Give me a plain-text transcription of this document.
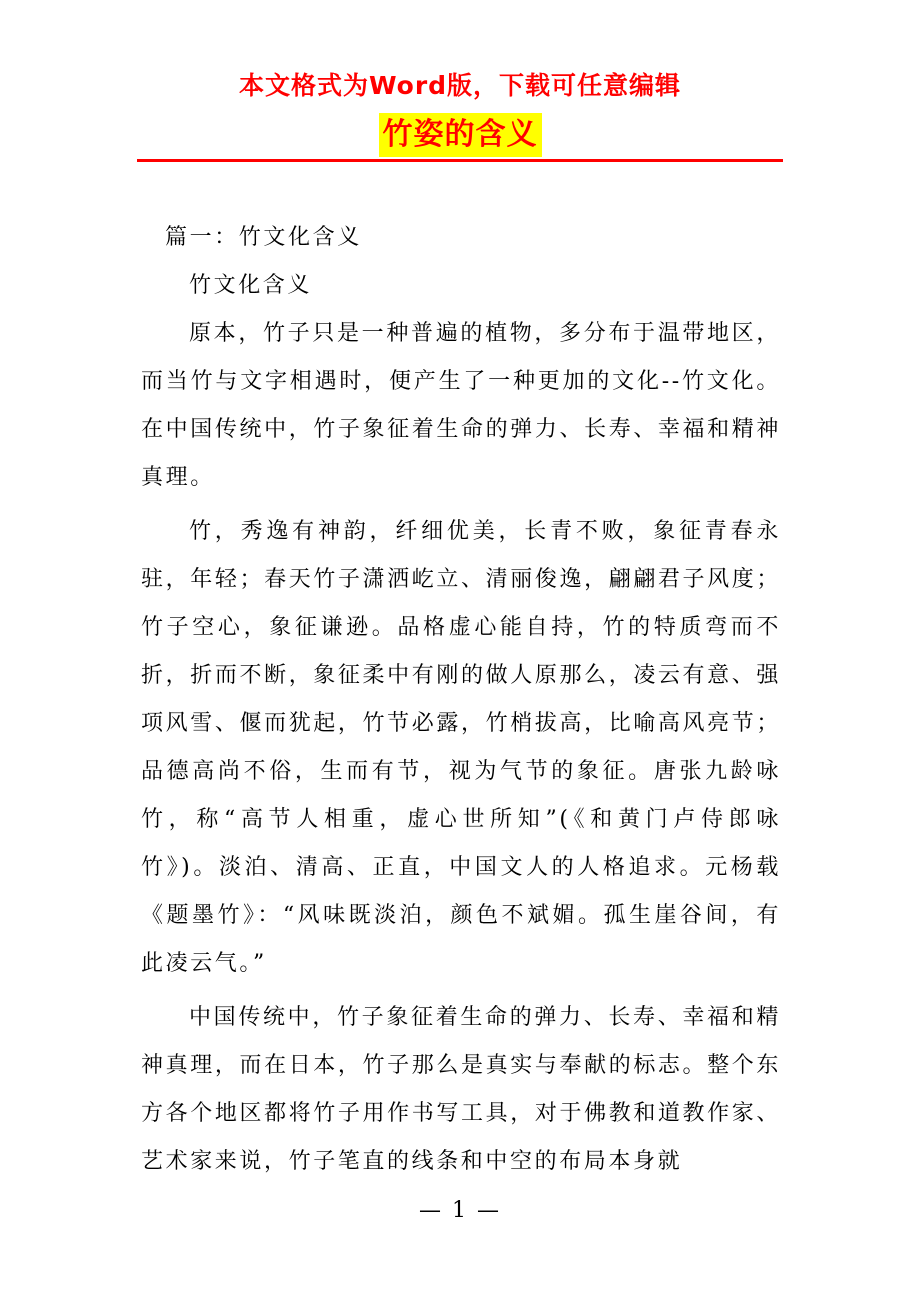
本文格式为Word版，下载可任意编辑
竹姿的含义

篇一：竹文化含义

竹文化含义

原本，竹子只是一种普遍的植物，多分布于温带地区，而当竹与文字相遇时，便产生了一种更加的文化--竹文化。在中国传统中，竹子象征着生命的弹力、长寿、幸福和精神真理。

竹，秀逸有神韵，纤细优美，长青不败，象征青春永驻，年轻；春天竹子潇洒屹立、清丽俊逸，翩翩君子风度；竹子空心，象征谦逊。品格虚心能自持，竹的特质弯而不折，折而不断，象征柔中有刚的做人原那么，凌云有意、强项风雪、偃而犹起，竹节必露，竹梢拔高，比喻高风亮节；品德高尚不俗，生而有节，视为气节的象征。唐张九龄咏竹，称“高节人相重，虚心世所知”(《和黄门卢侍郎咏竹》)。淡泊、清高、正直，中国文人的人格追求。元杨载《题墨竹》：“风味既淡泊，颜色不斌媚。孤生崖谷间，有此凌云气。”

中国传统中，竹子象征着生命的弹力、长寿、幸福和精神真理，而在日本，竹子那么是真实与奉献的标志。整个东方各个地区都将竹子用作书写工具，对于佛教和道教作家、艺术家来说，竹子笔直的线条和中空的布局本身就

— 1 —
